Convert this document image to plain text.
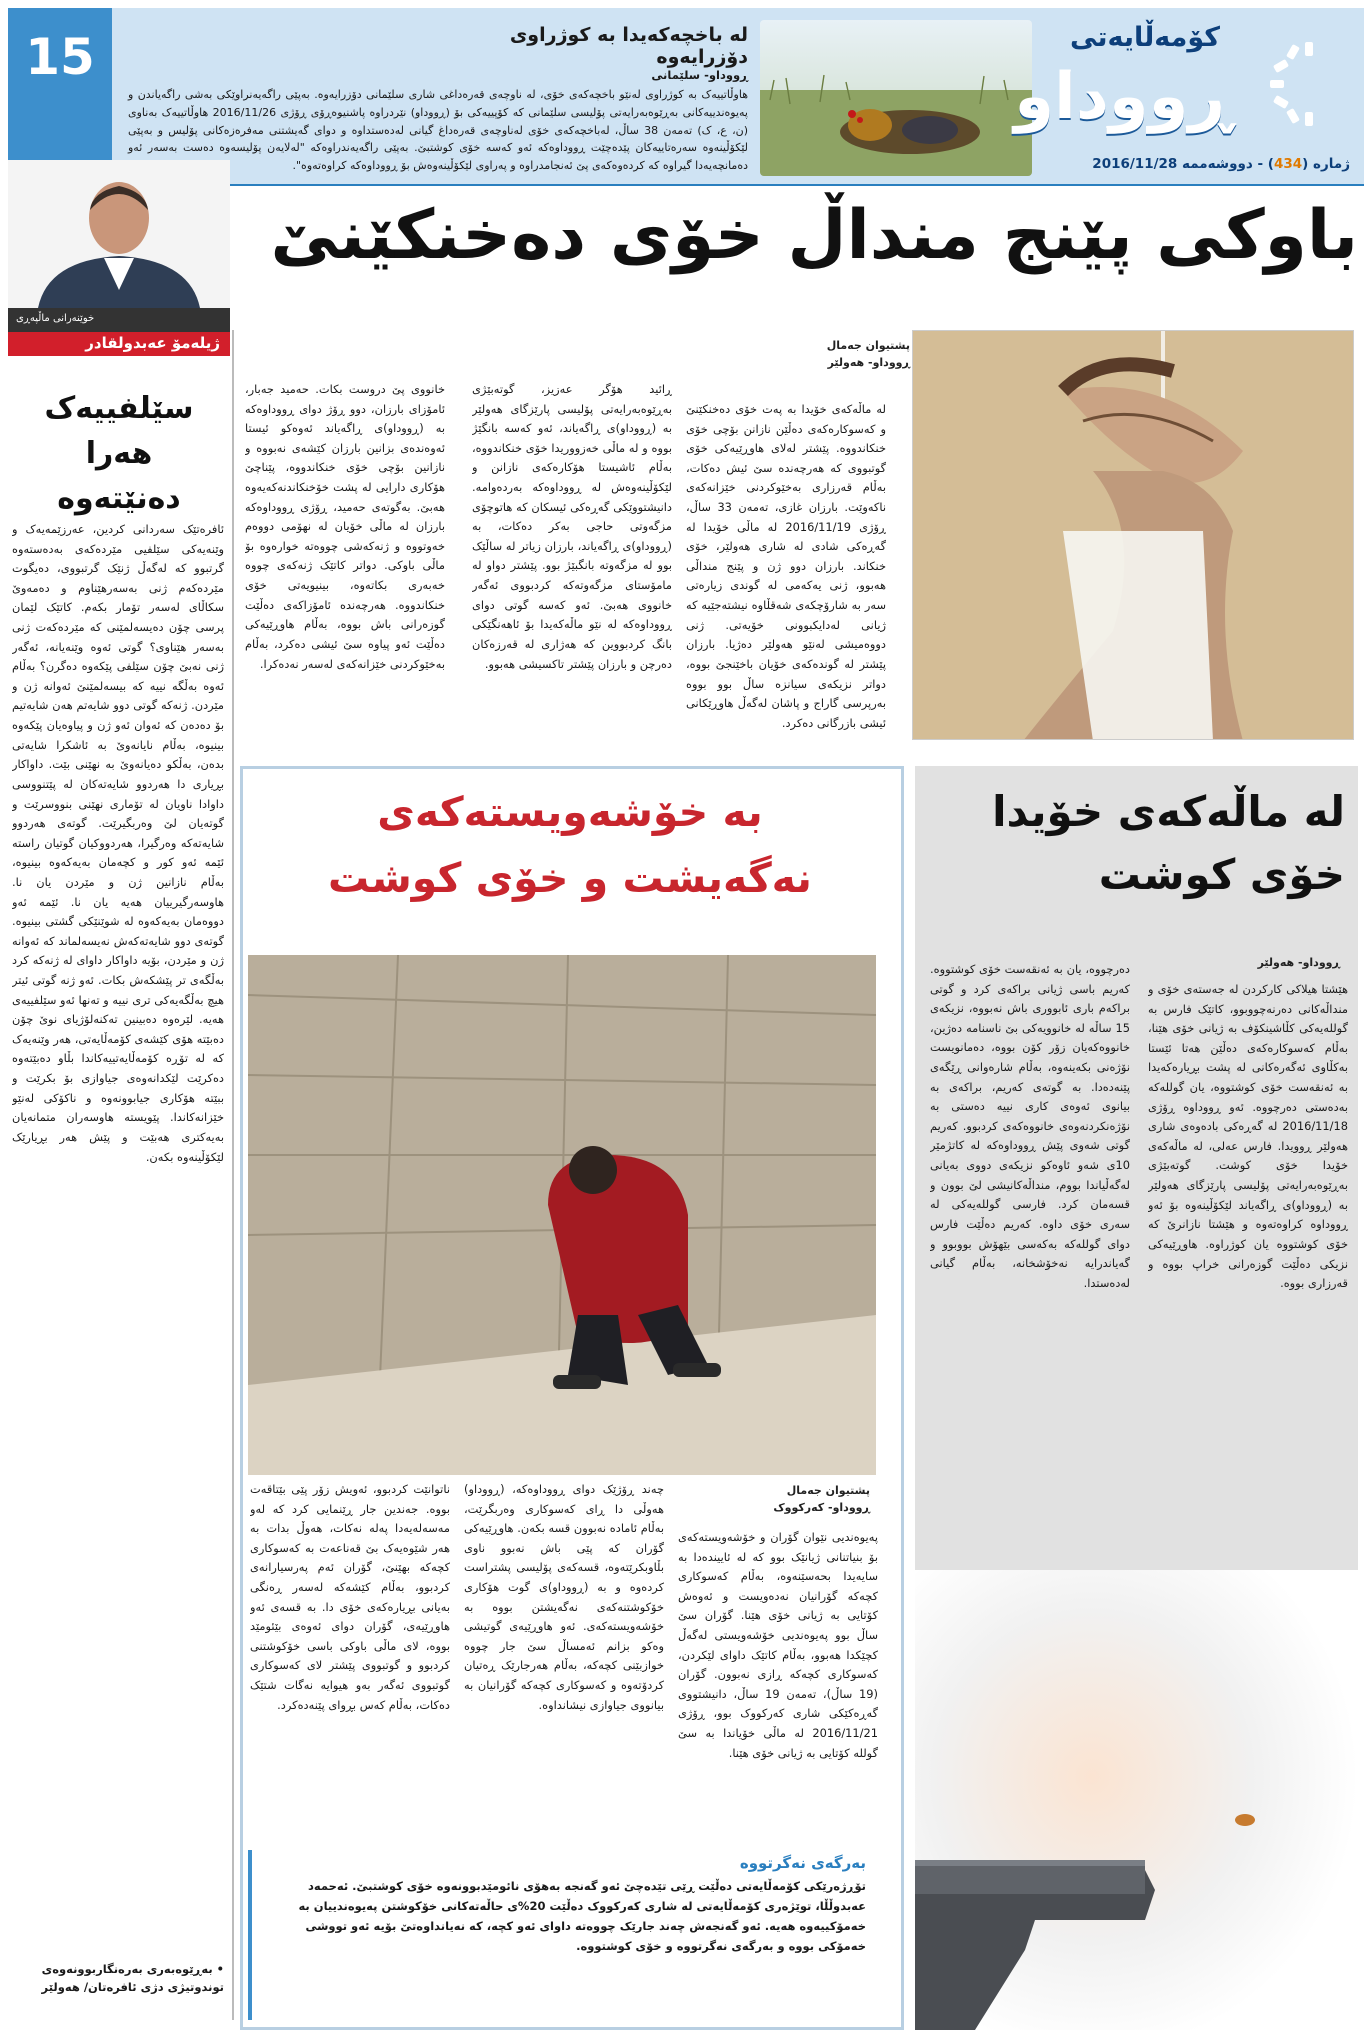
15	لە باخچەکەیدا بە کوژراوی دۆزرایەوە
ڕووداو- سلێمانی
هاوڵاتییەک بە کوژراوی لەنێو باخچەکەی خۆی، لە ناوچەی قەرەداغی شاری سلێمانی دۆزرایەوە. بەپێی راگەیەنراوێکی بەشی راگەیاندن و پەیوەندییەکانی بەڕێوەبەرایەتی پۆلیسی سلێمانی کە کۆپییەکی بۆ (ڕووداو) نێردراوە پاشنیوەڕۆی ڕۆژی 2016/11/26 هاوڵاتییەک بەناوی (ن، ع، ک) تەمەن 38 ساڵ، لەباخچەکەی خۆی لەناوچەی قەرەداغ گیانی لەدەستداوە و دوای گەیشتنی مەفرەزەکانی پۆلیس و بەپێی لێکۆڵینەوە سەرەتاییەکان پێدەچێت ڕووداوەکە ئەو کەسە خۆی کوشتبێ. بەپێی راگەیەندراوەکە "لەلایەن پۆلیسەوە دەست بەسەر ئەو دەمانچەیەدا گیراوە کە کردەوەکەی پێ ئەنجامدراوە و پەراوی لێکۆڵینەوەش بۆ ڕووداوەکە کراوەتەوە".
کۆمەڵایەتی
ڕووداو
ژمارە (434) - دووشەممە 2016/11/28
باوکی پێنج منداڵ خۆی دەخنکێنێ
خوێنەرانی ماڵپەڕی
ژیلەمۆ عەبدولقادر
سێلفییەک هەرا
دەنێتەوە
ئافرەتێک سەردانی کردین، عەرزێمەیەک و وێنەیەکی سێلفیی مێردەکەی بەدەستەوە گرتبوو کە لەگەڵ ژنێک گرتبووی، دەیگوت مێردەکەم ژنی بەسەرهێناوم و دەمەوێ سکاڵای لەسەر تۆمار بکەم. کاتێک لێمان پرسی چۆن دەیسەلمێنی کە مێردەکەت ژنی بەسەر هێناوی؟ گوتی ئەوە وێنەیانە، ئەگەر ژنی نەبێ چۆن سێلفی پێکەوە دەگرن؟ بەڵام ئەوە بەڵگە نییە کە بیسەلمێنێ ئەوانە ژن و مێردن. ژنەکە گوتی دوو شایەتم هەن شایەتیم بۆ دەدەن کە ئەوان ئەو ژن و پیاوەیان پێکەوە بینیوە، بەڵام نایانەوێ بە ئاشکرا شایەتی بدەن، بەڵکو دەیانەوێ بە نهێنی بێت. داواکار بڕیاری دا هەردوو شایەتەکان لە پێتنووسی داوادا ناویان لە تۆماری نهێنی بنووسرێت و گوتەیان لێ وەربگیرێت. گوتەی هەردوو شایەتەکە وەرگیرا، هەردووکیان گوتیان راستە ئێمە ئەو کور و کچەمان بەیەکەوە بینیوە، بەڵام نازانین ژن و مێردن یان نا. هاوسەرگیرییان هەیە یان نا. ئێمە ئەو دووەمان بەیەکەوە لە شوێنێکی گشتی بینیوە. گوتەی دوو شایەتەکەش نەیسەلماند کە ئەوانە ژن و مێردن، بۆیە داواکار داوای لە ژنەکە کرد بەڵگەی تر پێشکەش بکات. ئەو ژنە گوتی ئیتر هیچ بەڵگەیەکی تری نییە و تەنها ئەو سێلفییەی هەیە. لێرەوە دەبینین تەکنەلۆژیای نوێ چۆن دەبێتە هۆی کێشەی کۆمەڵایەتی، هەر وێنەیەک کە لە تۆڕە کۆمەڵایەتییەکاندا بڵاو دەبێتەوە دەکرێت لێکدانەوەی جیاوازی بۆ بکرێت و ببێتە هۆکاری جیابوونەوە و ناکۆکی لەنێو خێزانەکاندا. پێویستە هاوسەران متمانەیان بەیەکتری هەبێت و پێش هەر بڕیارێک لێکۆڵینەوە بکەن.
• بەڕێوەبەری بەرەنگاربوونەوەی توندوتیژی دژی ئافرەتان/ هەولێر
پشتیوان جەمال
ڕووداو- هەولێر
لە ماڵەکەی خۆیدا بە پەت خۆی دەخنکێنێ و کەسوکارەکەی دەڵێن نازانن بۆچی خۆی خنکاندووە. پێشتر لەلای هاوڕێیەکی خۆی گوتبووی کە هەرچەندە سێ ئیش دەکات، بەڵام قەرزاری بەخێوکردنی خێزانەکەی ناکەوێت. بارزان غازی، تەمەن 33 ساڵ، ڕۆژی 2016/11/19 لە ماڵی خۆیدا لە گەڕەکی شادی لە شاری هەولێر، خۆی خنکاند. بارزان دوو ژن و پێنج منداڵی هەبوو، ژنی یەکەمی لە گوندی زیارەتی سەر بە شارۆچکەی شەقڵاوە نیشتەجێیە کە ژیانی لەدایکبوونی خۆیەتی. ژنی دووەمیشی لەنێو هەولێر دەژیا. بارزان پێشتر لە گوندەکەی خۆیان باخێنجێ بووە، دواتر نزیکەی سیانزە ساڵ بوو بووە بەرپرسی گاراج و پاشان لەگەڵ هاوڕێکانی ئیشی بازرگانی دەکرد.
ڕائید هۆگر عەزیز، گوتەبێژی بەڕێوەبەرایەتی پۆلیسی پارێزگای هەولێر بە (ڕووداو)ی ڕاگەیاند، ئەو کەسە بانگێژ بووە و لە ماڵی خەزووریدا خۆی خنکاندووە، بەڵام ئاشیستا هۆکارەکەی نازانن و لێکۆڵینەوەش لە ڕووداوەکە بەردەوامە. دانیشتووێکی گەڕەکی ئیسکان کە هاتوچۆی مزگەوتی حاجی بەکر دەکات، بە (ڕووداو)ی ڕاگەیاند، بارزان زیاتر لە ساڵێک بوو لە مزگەوتە بانگبێژ بوو. پێشتر دواو لە مامۆستای مزگەوتەکە کردبووی ئەگەر خانووی هەبێ. ئەو کەسە گوتی دوای ڕووداوەکە لە نێو ماڵەکەیدا بۆ ئاهەنگێکی بانگ کردبووین کە هەژاری لە قەرزەکان دەرچن و بارزان پێشتر تاکسیشی هەبوو.
خانووی پێ دروست بکات. حەمید جەبار، ئامۆزای بارزان، دوو ڕۆژ دوای ڕووداوەکە بە (ڕووداو)ی ڕاگەیاند ئەوەکو ئیستا ئەوەندەی بزانین بارزان کێشەی نەبووە و نازانین بۆچی خۆی خنکاندووە، پێناچێ هۆکاری دارایی لە پشت خۆخنکاندنەکەیەوە هەبێ. بەگوتەی حەمید، ڕۆژی ڕووداوەکە بارزان لە ماڵی خۆیان لە نهۆمی دووەم خەوتووە و ژنەکەشی چووەتە خوارەوە بۆ ماڵی باوکی. دواتر کاتێک ژنەکەی چووە خەبەری بکاتەوە، بینیویەتی خۆی خنکاندووە. هەرچەندە ئامۆزاکەی دەڵێت گوزەرانی باش بووە، بەڵام هاوڕێیەکی دەڵێت ئەو پیاوە سێ ئیشی دەکرد، بەڵام بەخێوکردنی خێزانەکەی لەسەر نەدەکرا.
لە ماڵەکەی خۆیدا
خۆی کوشت
ڕووداو- هەولێر
هێشتا هیلاکی کارکردن لە جەستەی خۆی و منداڵەکانی دەرنەچووبوو، کاتێک فارس بە گوللەیەکی کڵاشینکۆف بە ژیانی خۆی هێنا، بەڵام کەسوکارەکەی دەڵێن هەتا ئێستا بەکڵاوی ئەگەرەکانی لە پشت بڕیارەکەیدا بە ئەنقەست خۆی کوشتووە، یان گوللەکە بەدەستی دەرچووە. ئەو ڕووداوە ڕۆژی 2016/11/18 لە گەڕەکی بادەوەی شاری هەولێر ڕوویدا. فارس عەلی، لە ماڵەکەی خۆیدا خۆی کوشت. گوتەبێژی بەڕێوەبەرایەتی پۆلیسی پارێزگای هەولێر بە (ڕووداو)ی ڕاگەیاند لێکۆڵینەوە بۆ ئەو ڕووداوە کراوەتەوە و هێشتا نازانرێ کە خۆی کوشتووە یان کوژراوە. هاوڕێیەکی نزیکی دەڵێت گوزەرانی خراپ بووە و قەرزاری بووە.
دەرچووە، یان بە ئەنقەست خۆی کوشتووە. کەریم باسی ژیانی براکەی کرد و گوتی براکەم باری ئابووری باش نەبووە، نزیکەی 15 ساڵە لە خانوویەکی بێ ناسنامە دەژین، خانووەکەیان زۆر کۆن بووە، دەمانویست نۆژەنی بکەینەوە، بەڵام شارەوانی ڕێگەی پێنەدەدا. بە گوتەی کەریم، براکەی بە بیانوی ئەوەی کاری نییە دەستی بە نۆژەنکردنەوەی خانووەکەی کردبوو. کەریم گوتی شەوی پێش ڕووداوەکە لە کاتژمێر 10ی شەو ئاوەکو نزیکەی دووی بەیانی لەگەڵیاندا بووم، منداڵەکانیشی لێ بوون و قسەمان کرد. فارسی گوللەیەکی لە سەری خۆی داوە. کەریم دەڵێت فارس دوای گوللەکە بەکەسی بێهۆش بووبوو و گەیاندرایە نەخۆشخانە، بەڵام گیانی لەدەستدا.
بە خۆشەویستەکەی
نەگەیشت و خۆی کوشت
پشتیوان جەمال
ڕووداو- کەرکووک
پەیوەندیی نێوان گۆران و خۆشەویستەکەی بۆ بنیاتنانی ژیانێک بوو کە لە ئاییندەدا بە سایەیدا بحەسێنەوە، بەڵام کەسوکاری کچەکە گۆرانیان نەدەویست و ئەوەش کۆتایی بە ژیانی خۆی هێنا. گۆران سێ ساڵ بوو پەیوەندیی خۆشەویستی لەگەڵ کچێکدا هەبوو، بەڵام کاتێک داوای لێکردن، کەسوکاری کچەکە ڕازی نەبوون. گۆران (19 ساڵ)، تەمەن 19 ساڵ، دانیشتووی گەڕەکێکی شاری کەرکووک بوو، ڕۆژی 2016/11/21 لە ماڵی خۆیاندا بە سێ گوللە کۆتایی بە ژیانی خۆی هێنا.
چەند ڕۆژێک دوای ڕووداوەکە، (ڕووداو) هەوڵی دا ڕای کەسوکاری وەربگرێت، بەڵام ئامادە نەبوون قسە بکەن. هاوڕێیەکی گۆران کە پێی باش نەبوو ناوی بڵاوبکرێتەوە، قسەکەی پۆلیسی پشتراست کردەوە و بە (ڕووداو)ی گوت هۆکاری خۆکوشتنەکەی نەگەیشتن بووە بە خۆشەویستەکەی. ئەو هاوڕێیەی گوتیشی وەکو بزانم ئەمساڵ سێ جار چووە خوازبێنی کچەکە، بەڵام هەرجارێک ڕەتیان کردۆتەوە و کەسوکاری کچەکە گۆرانیان بە بیانووی جیاوازی نیشانداوە.
ناتوانێت کردبوو، ئەویش زۆر پێی بێتاقەت بووە. جەندین جار ڕێنمایی کرد کە لەو مەسەلەیەدا پەلە نەکات، هەوڵ بدات بە هەر شێوەیەک بێ قەناعەت بە کەسوکاری کچەکە بهێنێ، گۆران ئەم پەرسیارانەی کردبوو، بەڵام کێشەکە لەسەر ڕەنگی بەیانی بڕیارەکەی خۆی دا. بە قسەی ئەو هاوڕێیەی، گۆران دوای ئەوەی بێئومێد بووە، لای ماڵی باوکی باسی خۆکوشتنی کردبوو و گوتبووی پێشتر لای کەسوکاری گوتبووی ئەگەر بەو هیوایە نەگات شتێک دەکات، بەڵام کەس بڕوای پێنەدەکرد.
بەرگەی نەگرتووە
تۆڕژەرێکی کۆمەڵایەتی دەڵێت ڕێی تێدەچێ ئەو گەنجە بەهۆی نائومێدبوونەوە خۆی کوشتبێ. ئەحمەد عەبدوڵڵا، توێژەری کۆمەڵایەتی لە شاری کەرکووک دەڵێت 20%ی حاڵەتەکانی خۆکوشتن پەیوەندییان بە خەمۆکییەوە هەیە. ئەو گەنجەش چەند جارێک چووەتە داوای ئەو کچە، کە نەیانداوەتێ بۆیە ئەو تووشی خەمۆکی بووە و بەرگەی نەگرتووە و خۆی کوشتووە.
